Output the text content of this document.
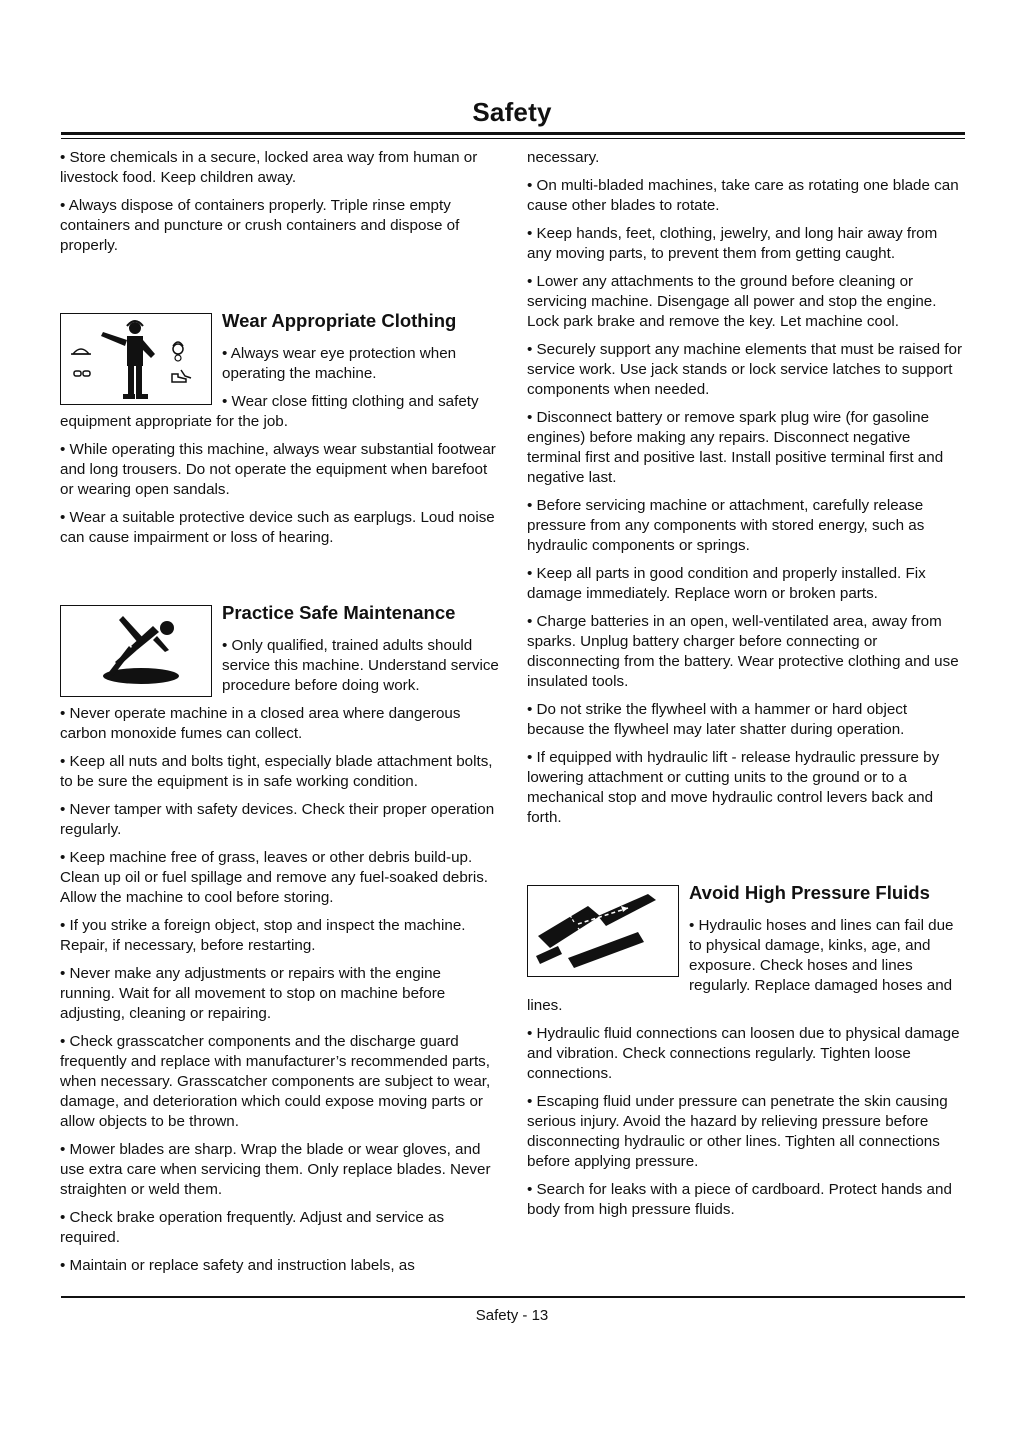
Safety

• Store chemicals in a secure, locked area way from human or livestock food. Keep children away.

• Always dispose of containers properly. Triple rinse empty containers and puncture or crush containers and dispose of properly.

Wear Appropriate Clothing

• Always wear eye protection when operating the machine.

• Wear close fitting clothing and safety equipment appropriate for the job.

• While operating this machine, always wear substantial footwear and long trousers. Do not operate the equipment when barefoot or wearing open sandals.

• Wear a suitable protective device such as earplugs. Loud noise can cause impairment or loss of hearing.

Practice Safe Maintenance

• Only qualified, trained adults should service this machine. Understand service procedure before doing work.

• Never operate machine in a closed area where dangerous carbon monoxide fumes can collect.

• Keep all nuts and bolts tight, especially blade attachment bolts, to be sure the equipment is in safe working condition.

• Never tamper with safety devices. Check their proper operation regularly.

• Keep machine free of grass, leaves or other debris build-up. Clean up oil or fuel spillage and remove any fuel-soaked debris. Allow the machine to cool before storing.

• If you strike a foreign object, stop and inspect the machine. Repair, if necessary, before restarting.

• Never make any adjustments or repairs with the engine running. Wait for all movement to stop on machine before adjusting, cleaning or repairing.

• Check grasscatcher components and the discharge guard frequently and replace with manufacturer’s recommended parts, when necessary. Grasscatcher components are subject to wear, damage, and deterioration which could expose moving parts or allow objects to be thrown.

• Mower blades are sharp. Wrap the blade or wear gloves, and use extra care when servicing them. Only replace blades. Never straighten or weld them.

• Check brake operation frequently. Adjust and service as required.

• Maintain or replace safety and instruction labels, as

necessary.

• On multi-bladed machines, take care as rotating one blade can cause other blades to rotate.

• Keep hands, feet, clothing, jewelry, and long hair away from any moving parts, to prevent them from getting caught.

• Lower any attachments to the ground before cleaning or servicing machine. Disengage all power and stop the engine. Lock park brake and remove the key. Let machine cool.

• Securely support any machine elements that must be raised for service work. Use jack stands or lock service latches to support components when needed.

• Disconnect battery or remove spark plug wire (for gasoline engines) before making any repairs. Disconnect negative terminal first and positive last. Install positive terminal first and negative last.

• Before servicing machine or attachment, carefully release pressure from any components with stored energy, such as hydraulic components or springs.

• Keep all parts in good condition and properly installed. Fix damage immediately. Replace worn or broken parts.

• Charge batteries in an open, well-ventilated area, away from sparks. Unplug battery charger before connecting or disconnecting from the battery. Wear protective clothing and use insulated tools.

• Do not strike the flywheel with a hammer or hard object because the flywheel may later shatter during operation.

• If equipped with hydraulic lift - release hydraulic pressure by lowering attachment or cutting units to the ground or to a mechanical stop and move hydraulic control levers back and forth.

Avoid High Pressure Fluids

• Hydraulic hoses and lines can fail due to physical damage, kinks, age, and exposure. Check hoses and lines regularly. Replace damaged hoses and lines.

• Hydraulic fluid connections can loosen due to physical damage and vibration. Check connections regularly. Tighten loose connections.

• Escaping fluid under pressure can penetrate the skin causing serious injury. Avoid the hazard by relieving pressure before disconnecting hydraulic or other lines. Tighten all connections before applying pressure.

• Search for leaks with a piece of cardboard. Protect hands and body from high pressure fluids.

Safety - 13
